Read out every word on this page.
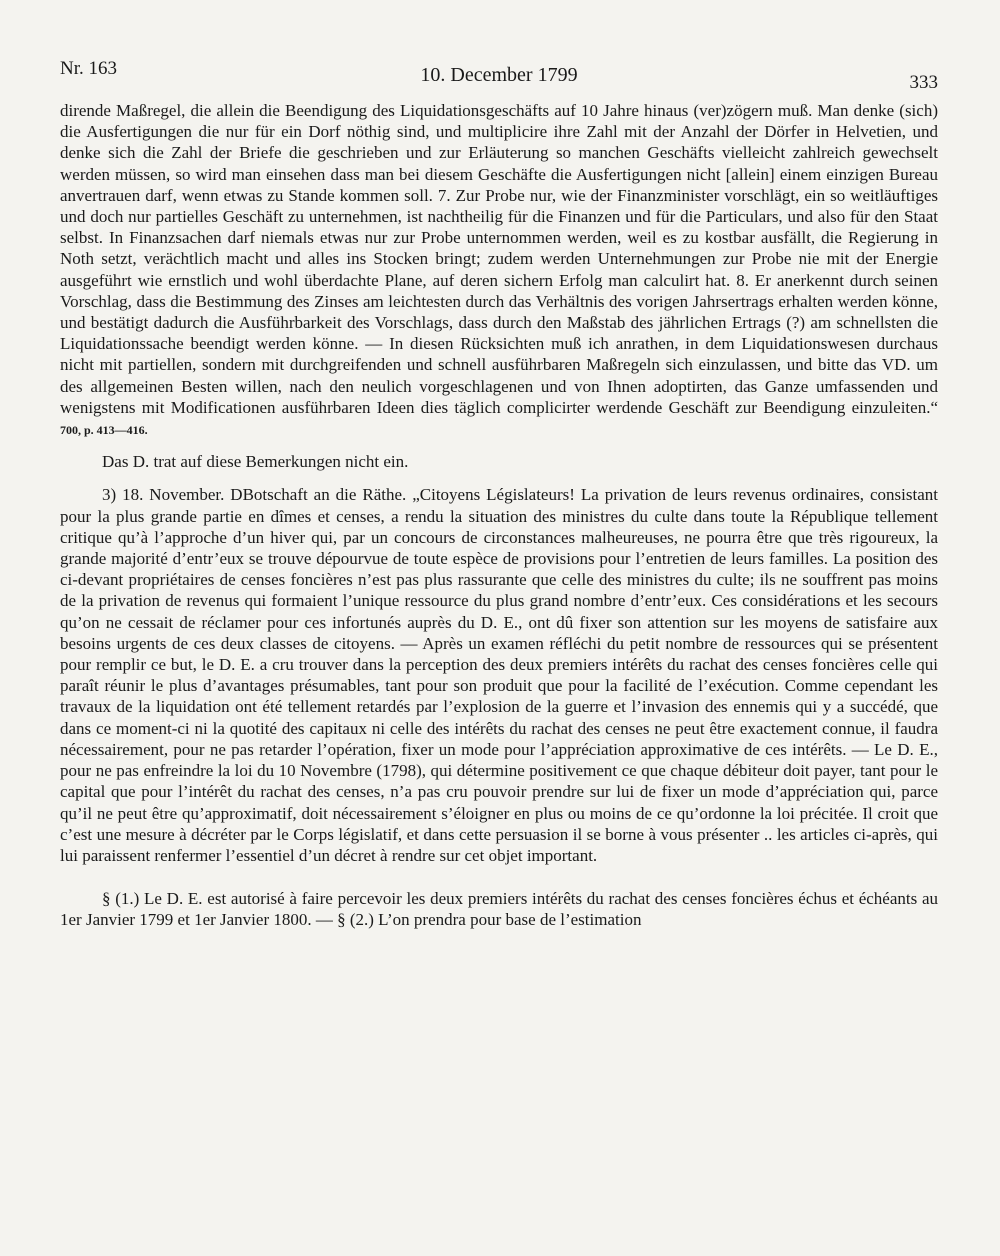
Nr. 163	10. December 1799	333

dirende Maßregel, die allein die Beendigung des Liquidationsgeschäfts auf 10 Jahre hinaus (ver)zögern muß. Man denke (sich) die Ausfertigungen die nur für ein Dorf nöthig sind, und multiplicire ihre Zahl mit der Anzahl der Dörfer in Helvetien, und denke sich die Zahl der Briefe die geschrieben und zur Erläuterung so manchen Geschäfts vielleicht zahlreich gewechselt werden müssen, so wird man einsehen dass man bei diesem Geschäfte die Ausfertigungen nicht [allein] einem einzigen Bureau anvertrauen darf, wenn etwas zu Stande kommen soll. 7. Zur Probe nur, wie der Finanzminister vorschlägt, ein so weitläuftiges und doch nur partielles Geschäft zu unternehmen, ist nachtheilig für die Finanzen und für die Particulars, und also für den Staat selbst. In Finanzsachen darf niemals etwas nur zur Probe unternommen werden, weil es zu kostbar ausfällt, die Regierung in Noth setzt, verächtlich macht und alles ins Stocken bringt; zudem werden Unternehmungen zur Probe nie mit der Energie ausgeführt wie ernstlich und wohl überdachte Plane, auf deren sichern Erfolg man calculirt hat. 8. Er anerkennt durch seinen Vorschlag, dass die Bestimmung des Zinses am leichtesten durch das Verhältnis des vorigen Jahrsertrags erhalten werden könne, und bestätigt dadurch die Ausführbarkeit des Vorschlags, dass durch den Maßstab des jährlichen Ertrags (?) am schnellsten die Liquidationssache beendigt werden könne. — In diesen Rücksichten muß ich anrathen, in dem Liquidationswesen durchaus nicht mit partiellen, sondern mit durchgreifenden und schnell ausführbaren Maßregeln sich einzulassen, und bitte das VD. um des allgemeinen Besten willen, nach den neulich vorgeschlagenen und von Ihnen adoptirten, das Ganze umfassenden und wenigstens mit Modificationen ausführbaren Ideen dies täglich complicirter werdende Geschäft zur Beendigung einzuleiten.“ 700, p. 413—416.

Das D. trat auf diese Bemerkungen nicht ein.

3) 18. November. DBotschaft an die Räthe. „Citoyens Législateurs! La privation de leurs revenus ordinaires, consistant pour la plus grande partie en dîmes et censes, a rendu la situation des ministres du culte dans toute la République tellement critique qu’à l’approche d’un hiver qui, par un concours de circonstances malheureuses, ne pourra être que très rigoureux, la grande majorité d’entr’eux se trouve dépourvue de toute espèce de provisions pour l’entretien de leurs familles. La position des ci-devant propriétaires de censes foncières n’est pas plus rassurante que celle des ministres du culte; ils ne souffrent pas moins de la privation de revenus qui formaient l’unique ressource du plus grand nombre d’entr’eux. Ces considérations et les secours qu’on ne cessait de réclamer pour ces infortunés auprès du D. E., ont dû fixer son attention sur les moyens de satisfaire aux besoins urgents de ces deux classes de citoyens. — Après un examen réfléchi du petit nombre de ressources qui se présentent pour remplir ce but, le D. E. a cru trouver dans la perception des deux premiers intérêts du rachat des censes foncières celle qui paraît réunir le plus d’avantages présumables, tant pour son produit que pour la facilité de l’exécution. Comme cependant les travaux de la liquidation ont été tellement retardés par l’explosion de la guerre et l’invasion des ennemis qui y a succédé, que dans ce moment-ci ni la quotité des capitaux ni celle des intérêts du rachat des censes ne peut être exactement connue, il faudra nécessairement, pour ne pas retarder l’opération, fixer un mode pour l’appréciation approximative de ces intérêts. — Le D. E., pour ne pas enfreindre la loi du 10 Novembre (1798), qui détermine positivement ce que chaque débiteur doit payer, tant pour le capital que pour l’intérêt du rachat des censes, n’a pas cru pouvoir prendre sur lui de fixer un mode d’appréciation qui, parce qu’il ne peut être qu’approximatif, doit nécessairement s’éloigner en plus ou moins de ce qu’ordonne la loi précitée. Il croit que c’est une mesure à décréter par le Corps législatif, et dans cette persuasion il se borne à vous présenter .. les articles ci-après, qui lui paraissent renfermer l’essentiel d’un décret à rendre sur cet objet important.

§ (1.) Le D. E. est autorisé à faire percevoir les deux premiers intérêts du rachat des censes foncières échus et échéants au 1er Janvier 1799 et 1er Janvier 1800. — § (2.) L’on prendra pour base de l’estimation
